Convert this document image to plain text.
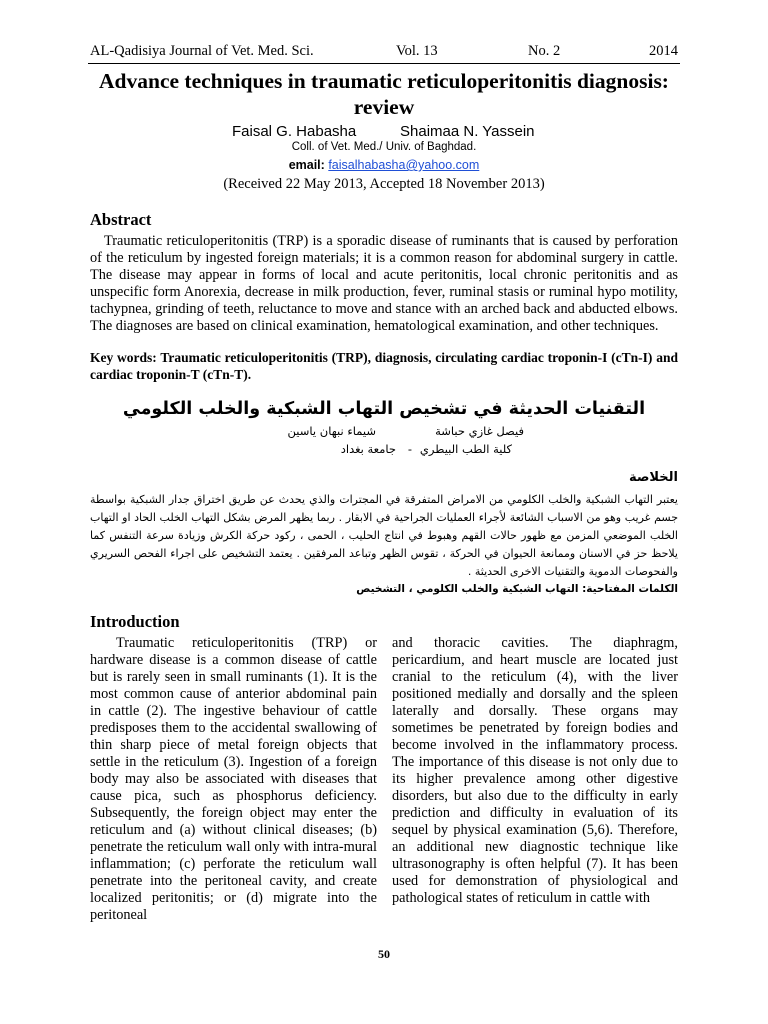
AL-Qadisiya Journal of Vet. Med. Sci.	Vol. 13	No. 2	2014
Advance techniques in traumatic reticuloperitonitis diagnosis: review
Faisal G. Habasha	Shaimaa N. Yassein
Coll. of Vet. Med./ Univ. of Baghdad.
email: faisalhabasha@yahoo.com
(Received 22 May 2013, Accepted 18 November 2013)
Abstract

Traumatic reticuloperitonitis (TRP) is a sporadic disease of ruminants that is caused by perforation of the reticulum by ingested foreign materials; it is a common reason for abdominal surgery in cattle. The disease may appear in forms of local and acute peritonitis, local chronic peritonitis and as unspecific form Anorexia, decrease in milk production, fever, ruminal stasis or ruminal hypo motility, tachypnea, grinding of teeth, reluctance to move and stance with an arched back and abducted elbows. The diagnoses are based on clinical examination, hematological examination, and other techniques.

Key words: Traumatic reticuloperitonitis (TRP), diagnosis, circulating cardiac troponin-I (cTn-I) and cardiac troponin-T (cTn-T).

التقنيات الحديثة في تشخيص التهاب الشبكية والخلب الكلومي
فيصل غازي حباشة
شيماء نبهان ياسين
كلية الطب البيطري
-
جامعة بغداد
الخلاصة
يعتبر التهاب الشبكية والخلب الكلومي من الامراض المتفرقة في المجترات والذي يحدث عن طريق اختراق جدار الشبكية بواسطة جسم غريب وهو من الاسباب الشائعة لأجراء العمليات الجراحية في الابقار . ربما يظهر المرض بشكل التهاب الخلب الحاد او التهاب الخلب الموضعي المزمن مع ظهور حالات القهم وهبوط في انتاج الحليب ، الحمى ، ركود حركة الكرش وزيادة سرعة التنفس كما يلاحظ حز في الاسنان وممانعة الحيوان في الحركة ، تقوس الظهر وتباعد المرفقين . يعتمد التشخيص على اجراء الفحص السريري والفحوصات الدموية والتقنيات الاخرى الحديثة .
الكلمات المفتاحية: التهاب الشبكية والخلب الكلومي ، التشخيص
Introduction

Traumatic reticuloperitonitis (TRP) or hardware disease is a common disease of cattle but is rarely seen in small ruminants (1). It is the most common cause of anterior abdominal pain in cattle (2). The ingestive behaviour of cattle predisposes them to the accidental swallowing of thin sharp piece of metal foreign objects that settle in the reticulum (3). Ingestion of a foreign body may also be associated with diseases that cause pica, such as phosphorus deficiency. Subsequently, the foreign object may enter the reticulum and (a) without clinical diseases; (b) penetrate the reticulum wall only with intra-mural inflammation; (c) perforate the reticulum wall penetrate into the peritoneal cavity, and create localized peritonitis; or (d) migrate into the peritoneal

and thoracic cavities. The diaphragm, pericardium, and heart muscle are located just cranial to the reticulum (4), with the liver positioned medially and dorsally and the spleen laterally and dorsally. These organs may sometimes be penetrated by foreign bodies and become involved in the inflammatory process. The importance of this disease is not only due to its higher prevalence among other digestive disorders, but also due to the difficulty in early prediction and difficulty in evaluation of its sequel by physical examination (5,6). Therefore, an additional new diagnostic technique like ultrasonography is often helpful (7). It has been used for demonstration of physiological and pathological states of reticulum in cattle with

50
